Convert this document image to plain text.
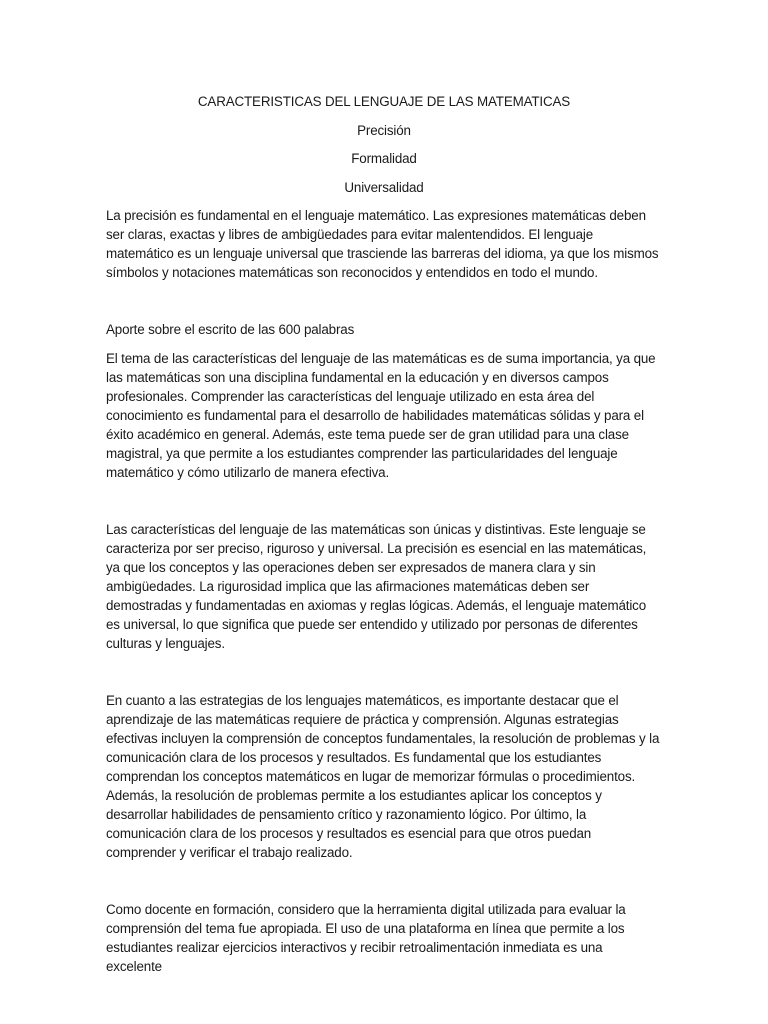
CARACTERISTICAS DEL LENGUAJE DE LAS MATEMATICAS

Precisión

Formalidad

Universalidad

La precisión es fundamental en el lenguaje matemático. Las expresiones matemáticas deben ser claras, exactas y libres de ambigüedades para evitar malentendidos. El lenguaje matemático es un lenguaje universal que trasciende las barreras del idioma, ya que los mismos símbolos y notaciones matemáticas son reconocidos y entendidos en todo el mundo.

Aporte sobre el escrito de las 600 palabras

El tema de las características del lenguaje de las matemáticas es de suma importancia, ya que las matemáticas son una disciplina fundamental en la educación y en diversos campos profesionales. Comprender las características del lenguaje utilizado en esta área del conocimiento es fundamental para el desarrollo de habilidades matemáticas sólidas y para el éxito académico en general. Además, este tema puede ser de gran utilidad para una clase magistral, ya que permite a los estudiantes comprender las particularidades del lenguaje matemático y cómo utilizarlo de manera efectiva.

Las características del lenguaje de las matemáticas son únicas y distintivas. Este lenguaje se caracteriza por ser preciso, riguroso y universal. La precisión es esencial en las matemáticas, ya que los conceptos y las operaciones deben ser expresados de manera clara y sin ambigüedades. La rigurosidad implica que las afirmaciones matemáticas deben ser demostradas y fundamentadas en axiomas y reglas lógicas. Además, el lenguaje matemático es universal, lo que significa que puede ser entendido y utilizado por personas de diferentes culturas y lenguajes.

En cuanto a las estrategias de los lenguajes matemáticos, es importante destacar que el aprendizaje de las matemáticas requiere de práctica y comprensión. Algunas estrategias efectivas incluyen la comprensión de conceptos fundamentales, la resolución de problemas y la comunicación clara de los procesos y resultados. Es fundamental que los estudiantes comprendan los conceptos matemáticos en lugar de memorizar fórmulas o procedimientos. Además, la resolución de problemas permite a los estudiantes aplicar los conceptos y desarrollar habilidades de pensamiento crítico y razonamiento lógico. Por último, la comunicación clara de los procesos y resultados es esencial para que otros puedan comprender y verificar el trabajo realizado.

Como docente en formación, considero que la herramienta digital utilizada para evaluar la comprensión del tema fue apropiada. El uso de una plataforma en línea que permite a los estudiantes realizar ejercicios interactivos y recibir retroalimentación inmediata es una excelente
